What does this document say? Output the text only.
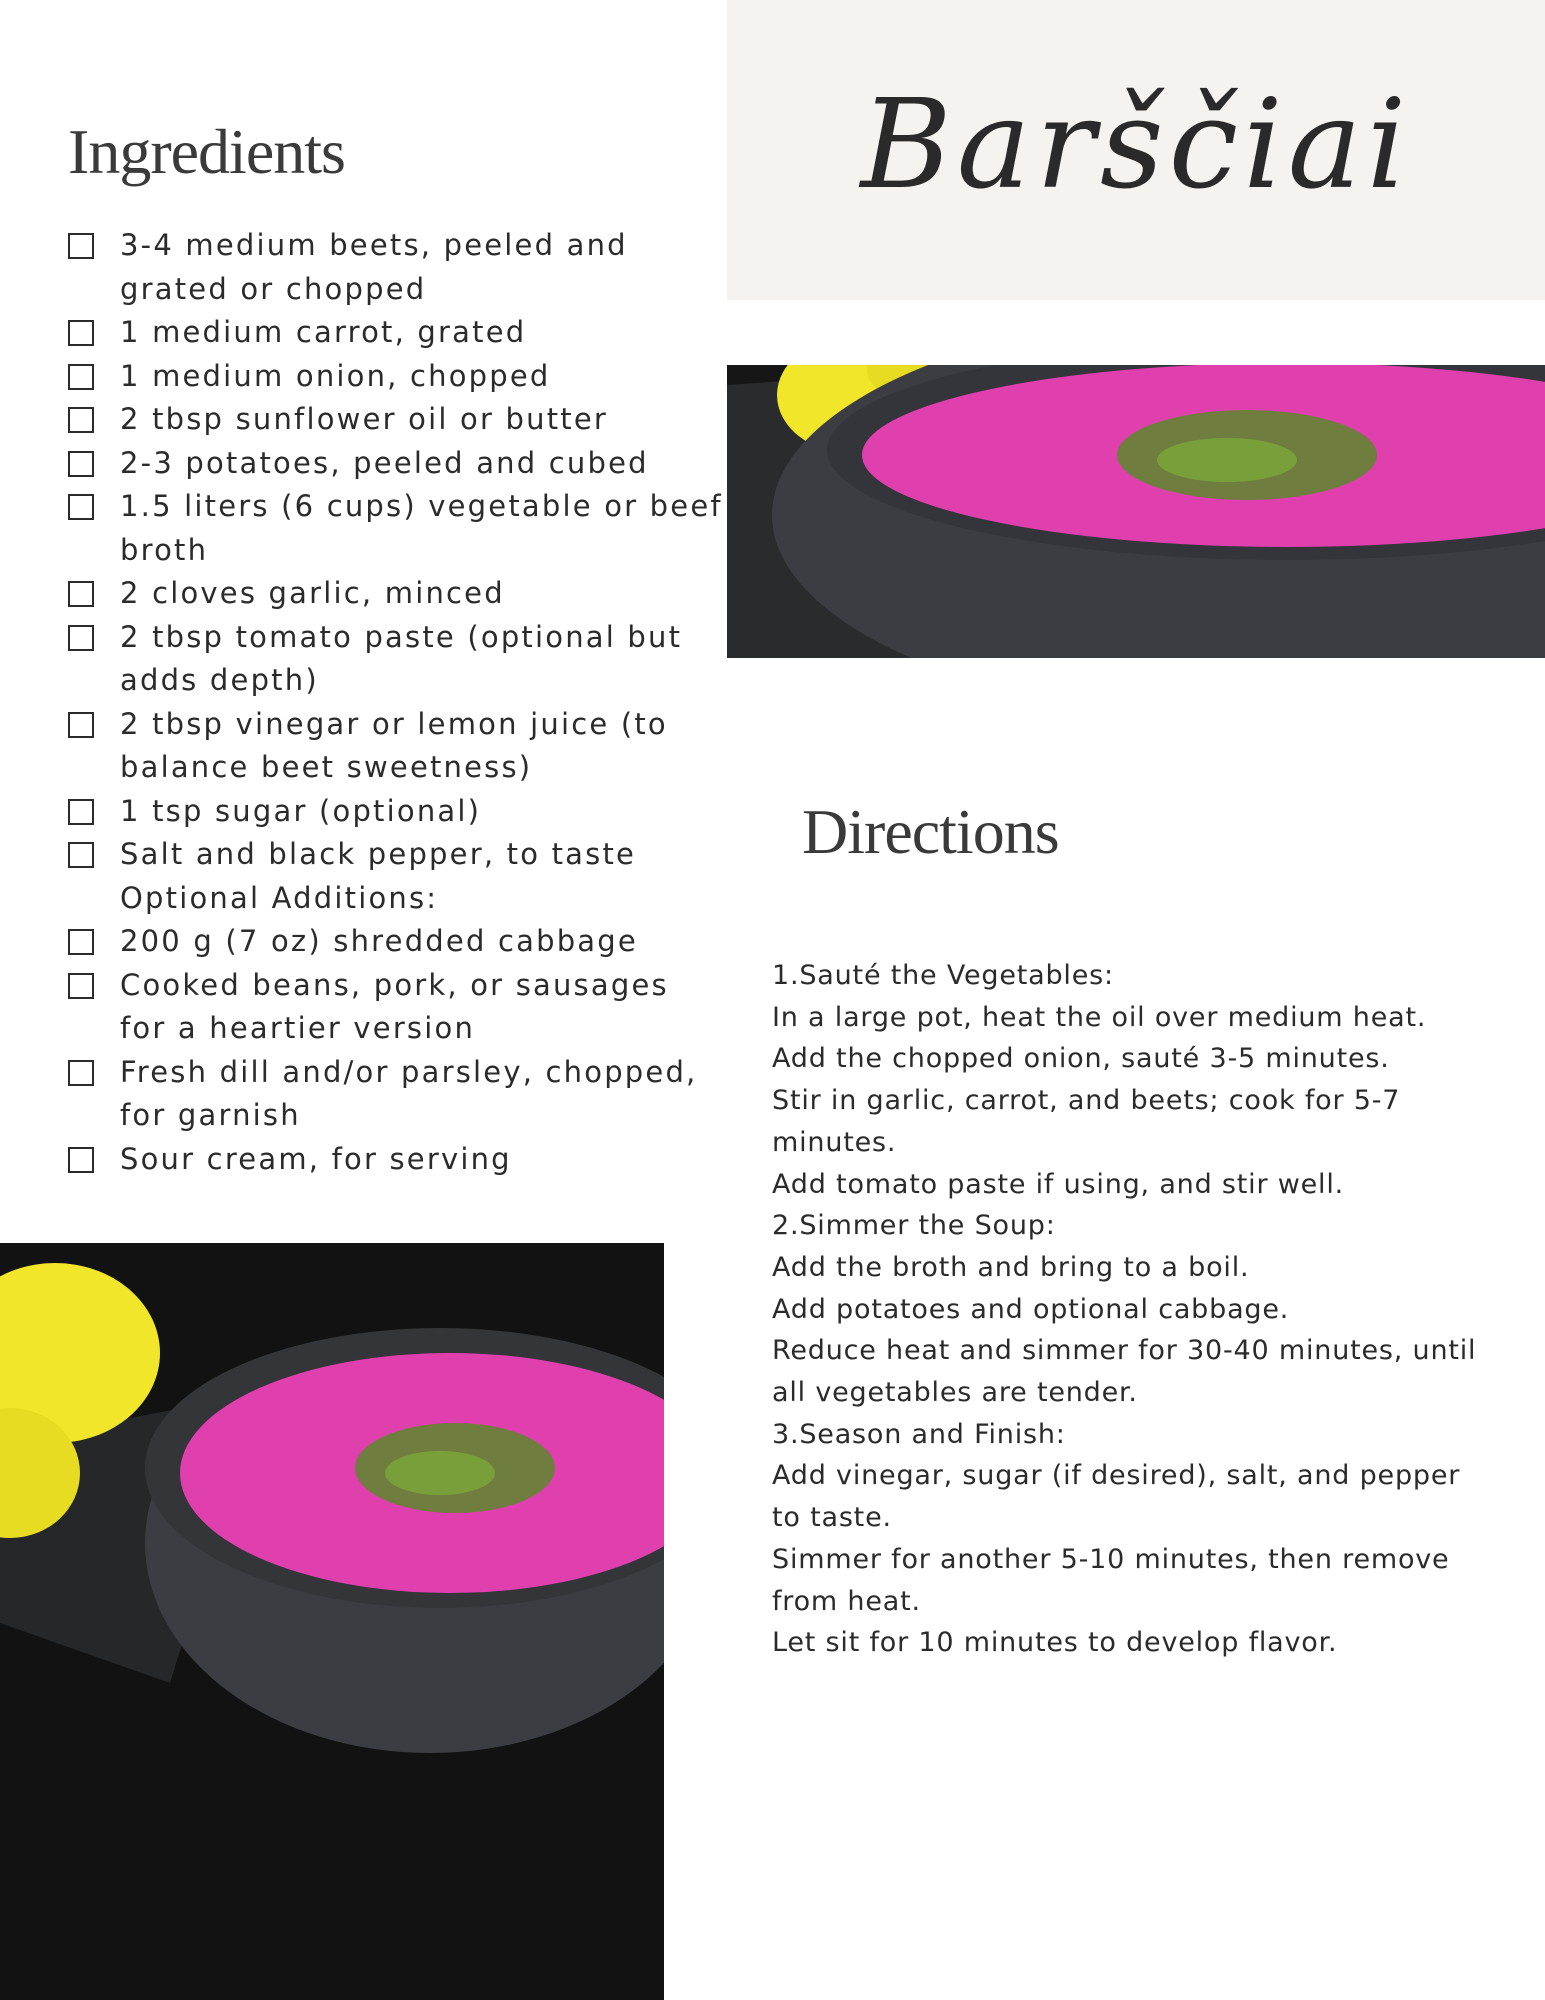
Barščiai
Ingredients
3-4 medium beets, peeled and grated or chopped
1 medium carrot, grated
1 medium onion, chopped
2 tbsp sunflower oil or butter
2-3 potatoes, peeled and cubed
1.5 liters (6 cups) vegetable or beef broth
2 cloves garlic, minced
2 tbsp tomato paste (optional but adds depth)
2 tbsp vinegar or lemon juice (to balance beet sweetness)
1 tsp sugar (optional)
Salt and black pepper, to taste
Optional Additions:
200 g (7 oz) shredded cabbage
Cooked beans, pork, or sausages for a heartier version
Fresh dill and/or parsley, chopped, for garnish
Sour cream, for serving
Directions

1.Sauté the Vegetables:

In a large pot, heat the oil over medium heat.

Add the chopped onion, sauté 3-5 minutes.

Stir in garlic, carrot, and beets; cook for 5-7 minutes.

Add tomato paste if using, and stir well.

2.Simmer the Soup:

Add the broth and bring to a boil.

Add potatoes and optional cabbage.

Reduce heat and simmer for 30-40 minutes, until all vegetables are tender.

3.Season and Finish:

Add vinegar, sugar (if desired), salt, and pepper to taste.

Simmer for another 5-10 minutes, then remove from heat.

Let sit for 10 minutes to develop flavor.
